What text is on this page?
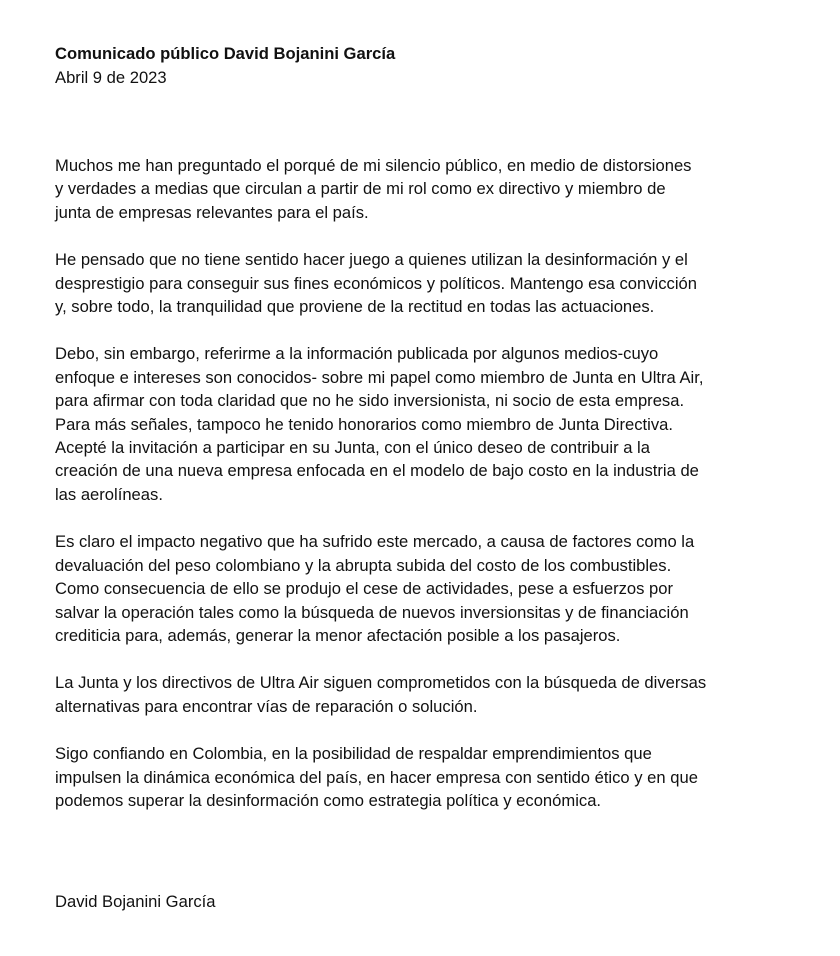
Comunicado público David Bojanini García

Abril 9 de 2023

Muchos me han preguntado el porqué de mi silencio público, en medio de distorsiones
y verdades a medias que circulan a partir de mi rol como ex directivo y miembro de
junta de empresas relevantes para el país.

He pensado que no tiene sentido hacer juego a quienes utilizan la desinformación y el
desprestigio para conseguir sus fines económicos y políticos. Mantengo esa convicción
y, sobre todo, la tranquilidad que proviene de la rectitud en todas las actuaciones.

Debo, sin embargo, referirme a la información publicada por algunos medios-cuyo
enfoque e intereses son conocidos- sobre mi papel como miembro de Junta en Ultra Air,
para afirmar con toda claridad que no he sido inversionista, ni socio de esta empresa.
Para más señales, tampoco he tenido honorarios como miembro de Junta Directiva.
Acepté la invitación a participar en su Junta, con el único deseo de contribuir a la
creación de una nueva empresa enfocada en el modelo de bajo costo en la industria de
las aerolíneas.

Es claro el impacto negativo que ha sufrido este mercado, a causa de factores como la
devaluación del peso colombiano y la abrupta subida del costo de los combustibles.
Como consecuencia de ello se produjo el cese de actividades, pese a esfuerzos por
salvar la operación tales como la búsqueda de nuevos inversionsitas y de financiación
crediticia para, además, generar la menor afectación posible a los pasajeros.

La Junta y los directivos de Ultra Air siguen comprometidos con la búsqueda de diversas
alternativas para encontrar vías de reparación o solución.

Sigo confiando en Colombia, en la posibilidad de respaldar emprendimientos que
impulsen la dinámica económica del país, en hacer empresa con sentido ético y en que
podemos superar la desinformación como estrategia política y económica.

David Bojanini García
